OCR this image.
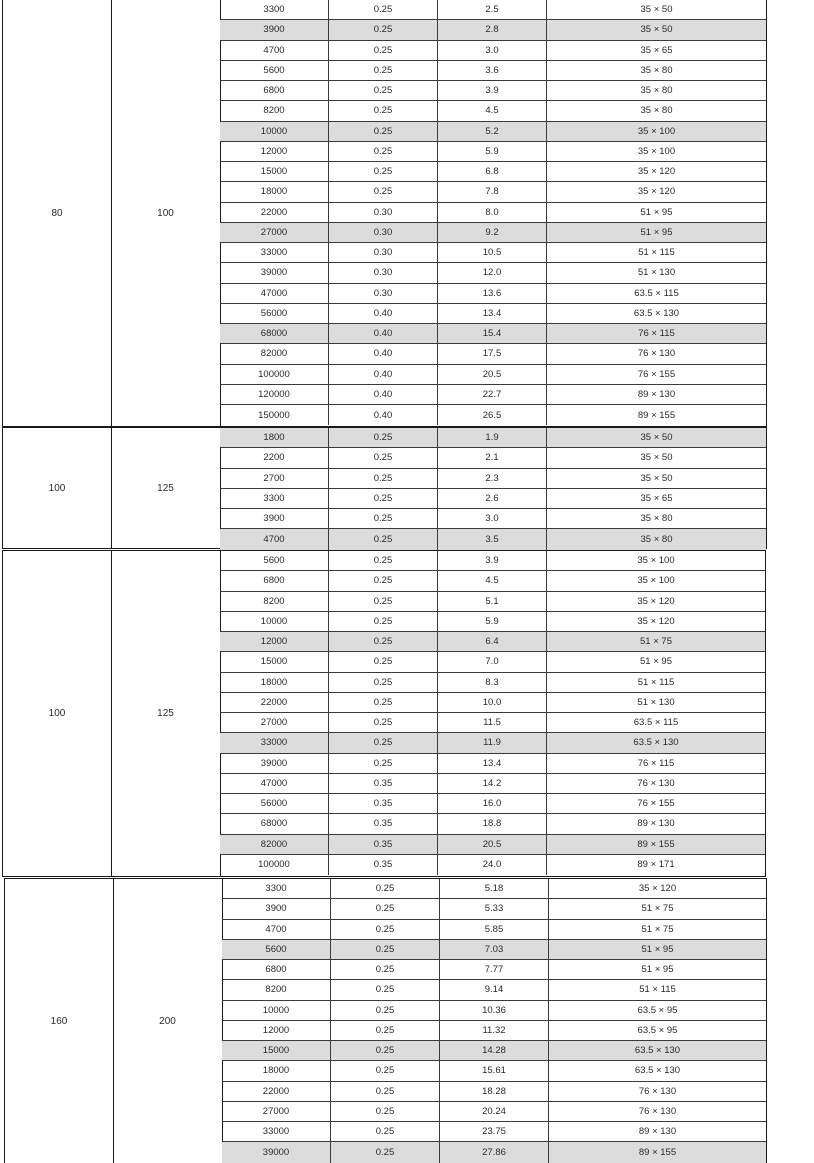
80	100
3300	0.25	2.5	35 × 50
3900	0.25	2.8	35 × 50
4700	0.25	3.0	35 × 65
5600	0.25	3.6	35 × 80
6800	0.25	3.9	35 × 80
8200	0.25	4.5	35 × 80
10000	0.25	5.2	35 × 100
12000	0.25	5.9	35 × 100
15000	0.25	6.8	35 × 120
18000	0.25	7.8	35 × 120
22000	0.30	8.0	51 × 95
27000	0.30	9.2	51 × 95
33000	0.30	10.5	51 × 115
39000	0.30	12.0	51 × 130
47000	0.30	13.6	63.5 × 115
56000	0.40	13.4	63.5 × 130
68000	0.40	15.4	76 × 115
82000	0.40	17.5	76 × 130
100000	0.40	20.5	76 × 155
120000	0.40	22.7	89 × 130
150000	0.40	26.5	89 × 155
100	125
1800	0.25	1.9	35 × 50
2200	0.25	2.1	35 × 50
2700	0.25	2.3	35 × 50
3300	0.25	2.6	35 × 65
3900	0.25	3.0	35 × 80
4700	0.25	3.5	35 × 80
100	125
5600	0.25	3.9	35 × 100
6800	0.25	4.5	35 × 100
8200	0.25	5.1	35 × 120
10000	0.25	5.9	35 × 120
12000	0.25	6.4	51 × 75
15000	0.25	7.0	51 × 95
18000	0.25	8.3	51 × 115
22000	0.25	10.0	51 × 130
27000	0.25	11.5	63.5 × 115
33000	0.25	11.9	63.5 × 130
39000	0.25	13.4	76 × 115
47000	0.35	14.2	76 × 130
56000	0.35	16.0	76 × 155
68000	0.35	18.8	89 × 130
82000	0.35	20.5	89 × 155
100000	0.35	24.0	89 × 171
160	200
3300	0.25	5.18	35 × 120
3900	0.25	5.33	51 × 75
4700	0.25	5.85	51 × 75
5600	0.25	7.03	51 × 95
6800	0.25	7.77	51 × 95
8200	0.25	9.14	51 × 115
10000	0.25	10.36	63.5 × 95
12000	0.25	11.32	63.5 × 95
15000	0.25	14.28	63.5 × 130
18000	0.25	15.61	63.5 × 130
22000	0.25	18.28	76 × 130
27000	0.25	20.24	76 × 130
33000	0.25	23.75	89 × 130
39000	0.25	27.86	89 × 155
